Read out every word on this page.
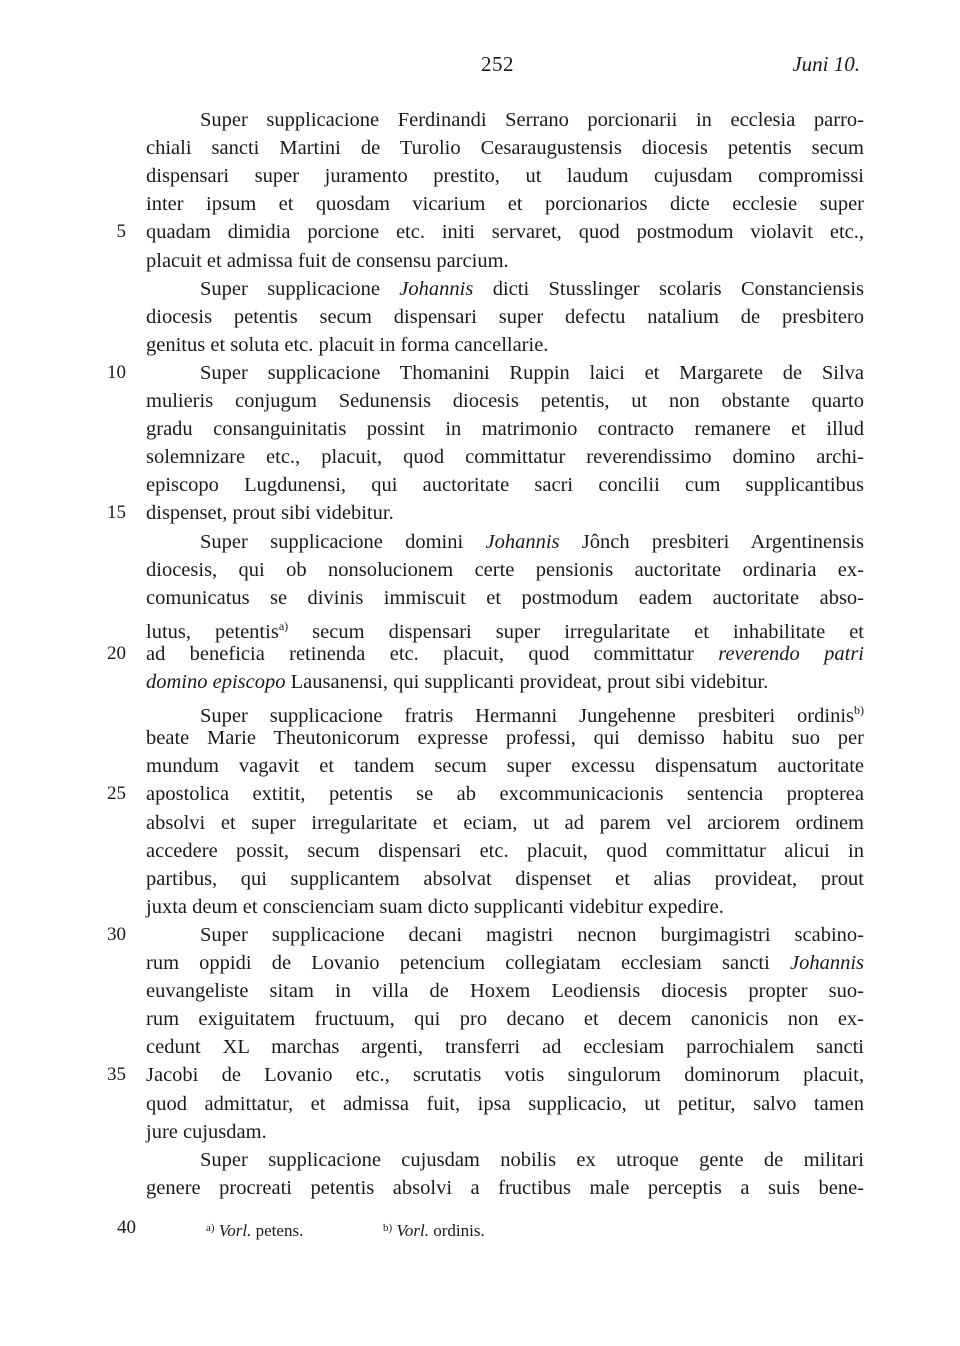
252	Juni 10.
Super supplicacione Ferdinandi Serrano porcionarii in ecclesia parro-
chiali sancti Martini de Turolio Cesaraugustensis diocesis petentis secum
dispensari super juramento prestito, ut laudum cujusdam compromissi
inter ipsum et quosdam vicarium et porcionarios dicte ecclesie super
5 quadam dimidia porcione etc. initi servaret, quod postmodum violavit etc.,
placuit et admissa fuit de consensu parcium.
Super supplicacione Johannis dicti Stusslinger scolaris Constanciensis
diocesis petentis secum dispensari super defectu natalium de presbitero
genitus et soluta etc. placuit in forma cancellarie.
10	Super supplicacione Thomanini Ruppin laici et Margarete de Silva
mulieris conjugum Sedunensis diocesis petentis, ut non obstante quarto
gradu consanguinitatis possint in matrimonio contracto remanere et illud
solemnizare etc., placuit, quod committatur reverendissimo domino archi-
episcopo Lugdunensi, qui auctoritate sacri concilii cum supplicantibus
15 dispenset, prout sibi videbitur.
Super supplicacione domini Johannis Jônch presbiteri Argentinensis
diocesis, qui ob nonsolucionem certe pensionis auctoritate ordinaria ex-
comunicatus se divinis immiscuit et postmodum eadem auctoritate abso-
lutus, petentis$^{a)}$ secum dispensari super irregularitate et inhabilitate et
20 ad beneficia retinenda etc. placuit, quod committatur reverendo patri
domino episcopo Lausanensi, qui supplicanti provideat, prout sibi videbitur.
Super supplicacione fratris Hermanni Jungehenne presbiteri ordinis$^{b)}$
beate Marie Theutonicorum expresse professi, qui demisso habitu suo per
mundum vagavit et tandem secum super excessu dispensatum auctoritate
25 apostolica extitit, petentis se ab excommunicacionis sentencia propterea
absolvi et super irregularitate et eciam, ut ad parem vel arciorem ordinem
accedere possit, secum dispensari etc. placuit, quod committatur alicui in
partibus, qui supplicantem absolvat dispenset et alias provideat, prout
juxta deum et conscienciam suam dicto supplicanti videbitur expedire.
30	Super supplicacione decani magistri necnon burgimagistri scabino-
rum oppidi de Lovanio petencium collegiatam ecclesiam sancti Johannis
euvangeliste sitam in villa de Hoxem Leodiensis diocesis propter suo-
rum exiguitatem fructuum, qui pro decano et decem canonicis non ex-
cedunt XL marchas argenti, transferri ad ecclesiam parrochialem sancti
35 Jacobi de Lovanio etc., scrutatis votis singulorum dominorum placuit,
quod admittatur, et admissa fuit, ipsa supplicacio, ut petitur, salvo tamen
jure cujusdam.
Super supplicacione cujusdam nobilis ex utroque gente de militari
genere procreati petentis absolvi a fructibus male perceptis a suis bene-
40	$^{a)}$ Vorl. petens.	$^{b)}$ Vorl. ordinis.
